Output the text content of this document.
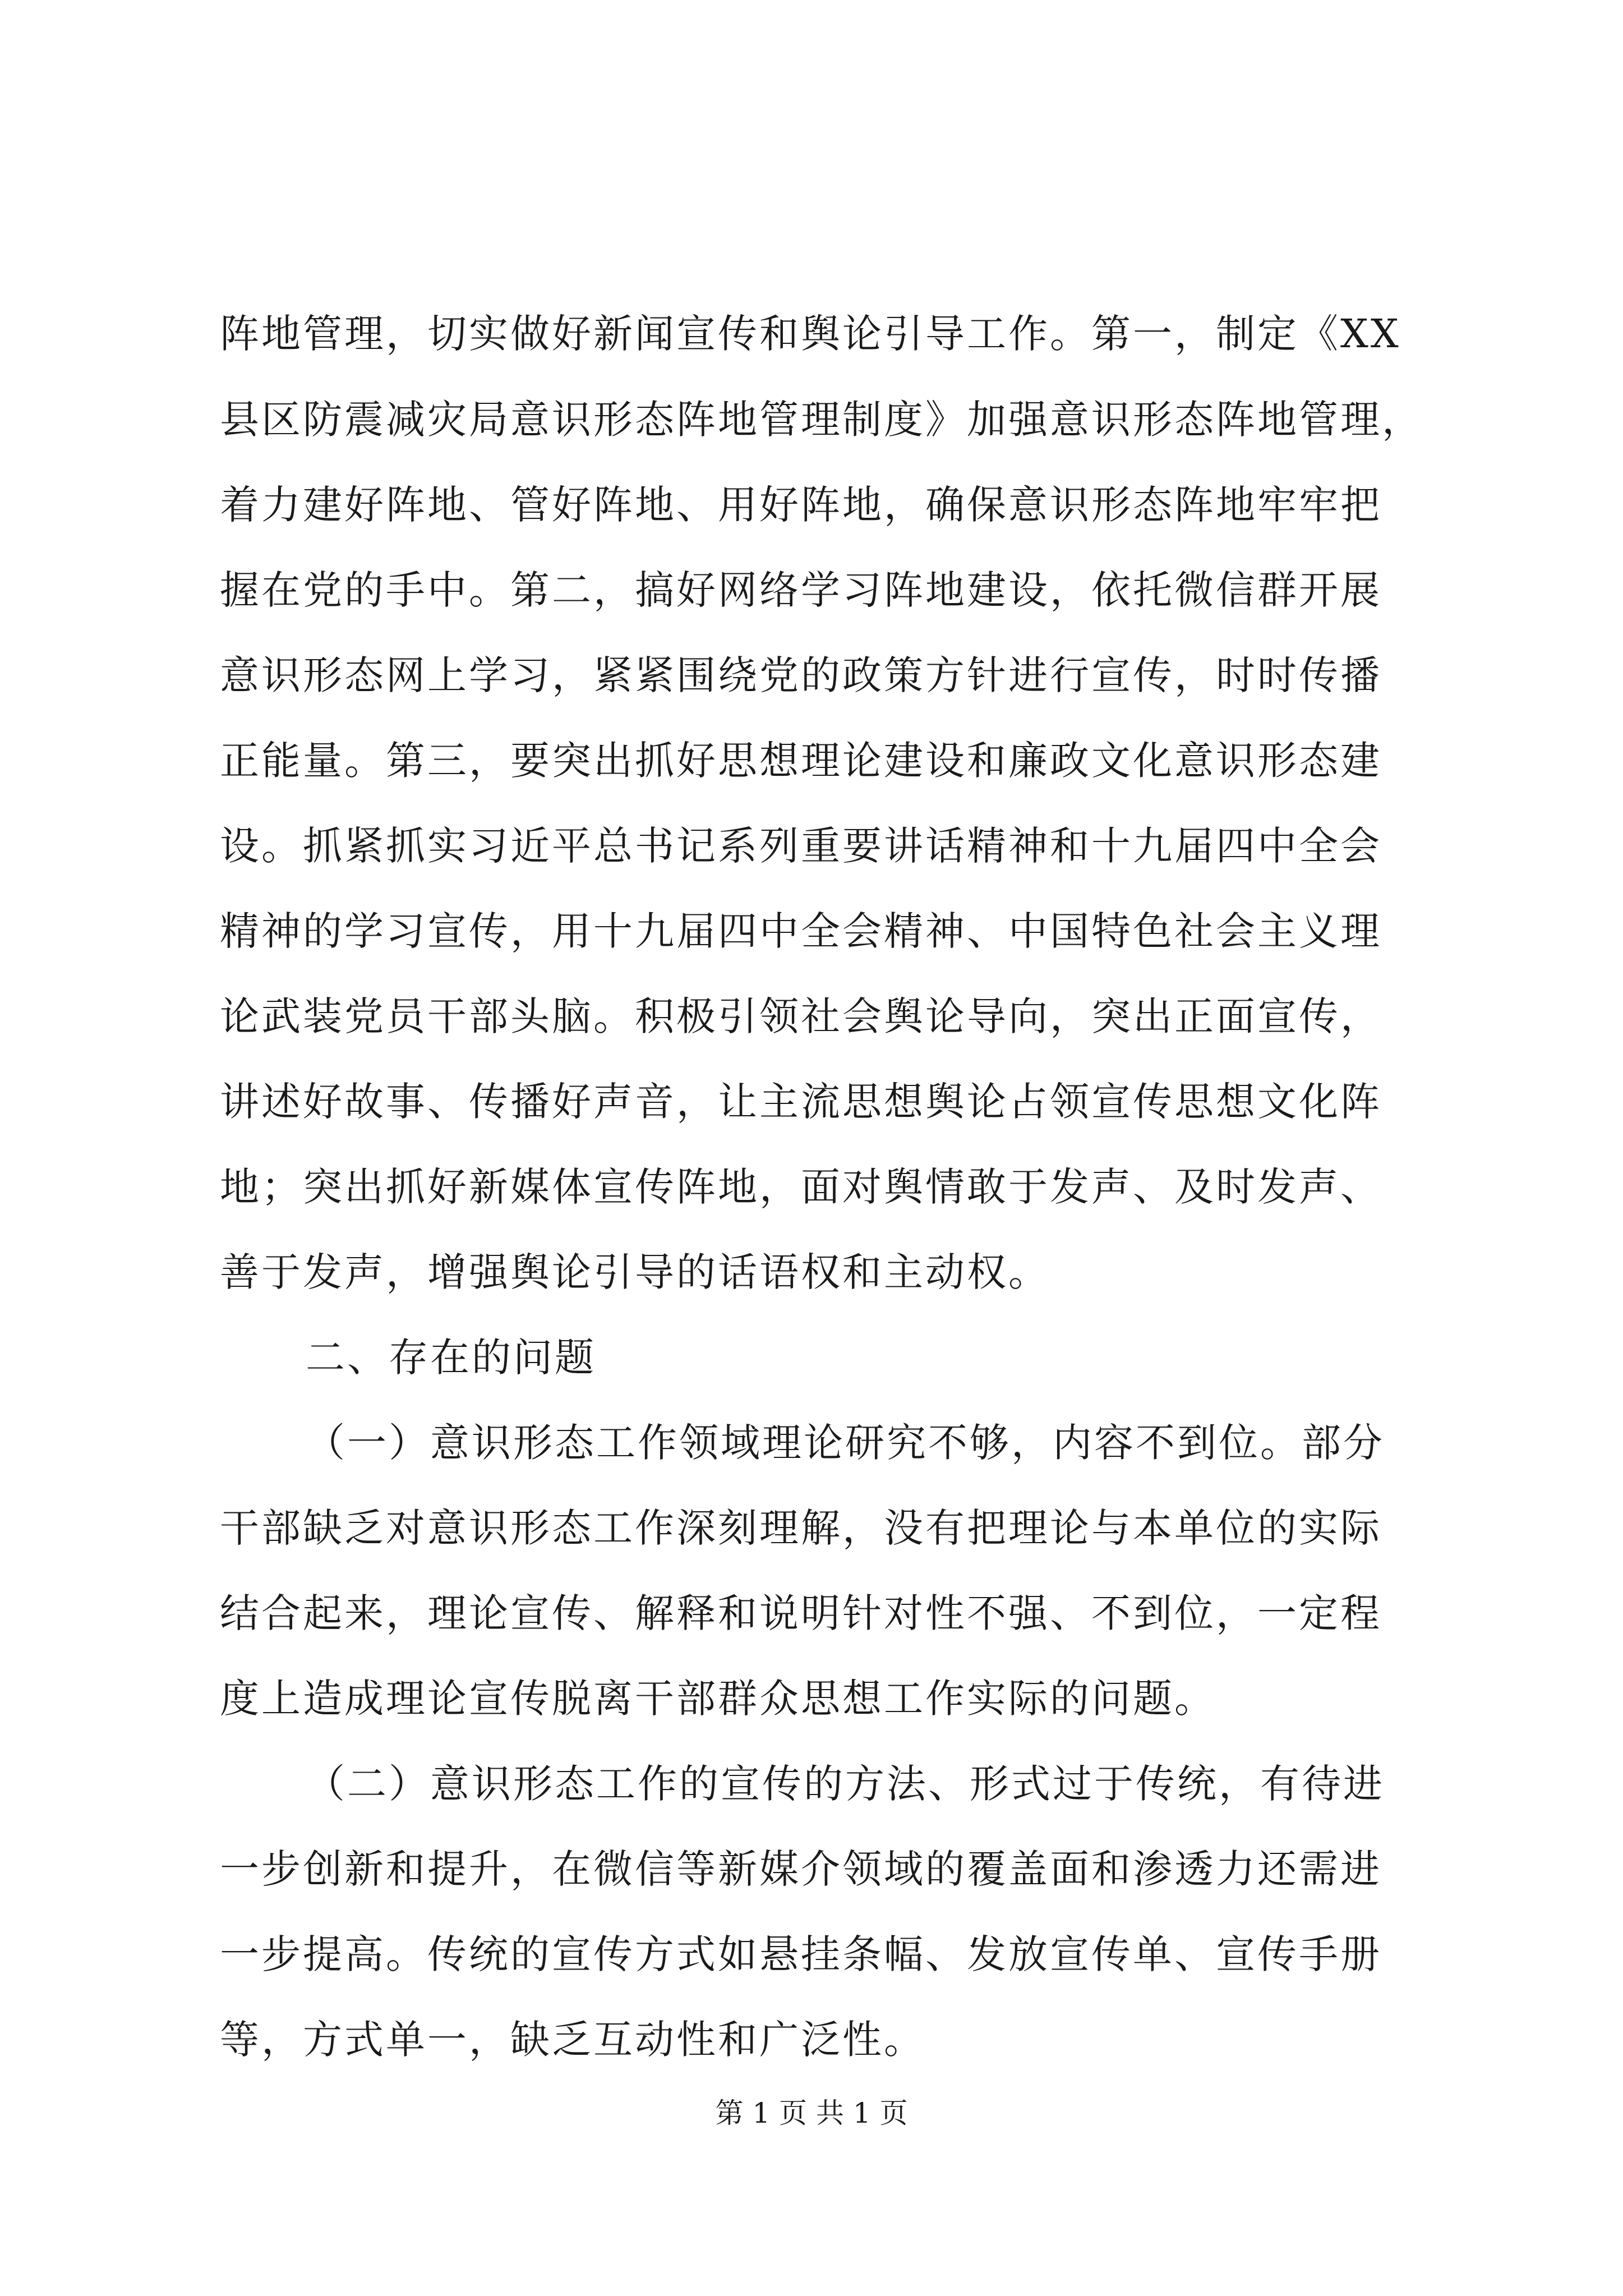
阵地管理，切实做好新闻宣传和舆论引导工作。第一，制定《XX
县区防震减灾局意识形态阵地管理制度》加强意识形态阵地管理，
着力建好阵地、管好阵地、用好阵地，确保意识形态阵地牢牢把
握在党的手中。第二，搞好网络学习阵地建设，依托微信群开展
意识形态网上学习，紧紧围绕党的政策方针进行宣传，时时传播
正能量。第三，要突出抓好思想理论建设和廉政文化意识形态建
设。抓紧抓实习近平总书记系列重要讲话精神和十九届四中全会
精神的学习宣传，用十九届四中全会精神、中国特色社会主义理
论武装党员干部头脑。积极引领社会舆论导向，突出正面宣传，
讲述好故事、传播好声音，让主流思想舆论占领宣传思想文化阵
地；突出抓好新媒体宣传阵地，面对舆情敢于发声、及时发声、
善于发声，增强舆论引导的话语权和主动权。
二、存在的问题
（一）意识形态工作领域理论研究不够，内容不到位。部分
干部缺乏对意识形态工作深刻理解，没有把理论与本单位的实际
结合起来，理论宣传、解释和说明针对性不强、不到位，一定程
度上造成理论宣传脱离干部群众思想工作实际的问题。
（二）意识形态工作的宣传的方法、形式过于传统，有待进
一步创新和提升，在微信等新媒介领域的覆盖面和渗透力还需进
一步提高。传统的宣传方式如悬挂条幅、发放宣传单、宣传手册
等，方式单一，缺乏互动性和广泛性。
第 1 页 共 1 页
